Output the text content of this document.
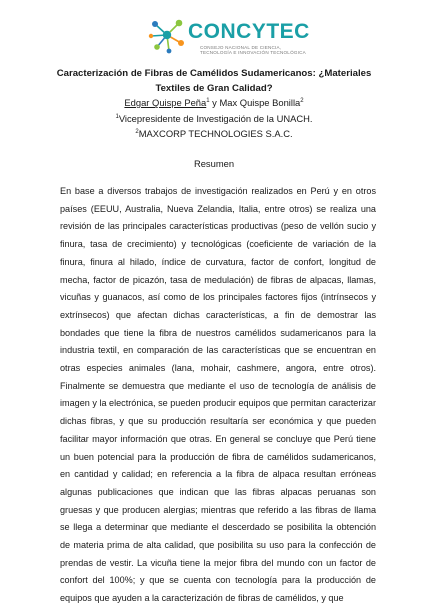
CONCYTEC
CONSEJO NACIONAL DE CIENCIA,
TECNOLOGÍA E INNOVACIÓN TECNOLÓGICA
Caracterización de Fibras de Camélidos Sudamericanos: ¿Materiales Textiles de Gran Calidad?
Edgar Quispe Peña$^1$ y Max Quispe Bonilla$^2$
$^1$Vicepresidente de Investigación de la UNACH.
$^2$MAXCORP TECHNOLOGIES S.A.C.
Resumen
En base a diversos trabajos de investigación realizados en Perú y en otros países (EEUU, Australia, Nueva Zelandia, Italia, entre otros) se realiza una revisión de las principales características productivas (peso de vellón sucio y finura, tasa de crecimiento) y tecnológicas (coeficiente de variación de la finura, finura al hilado, índice de curvatura, factor de confort, longitud de mecha, factor de picazón, tasa de medulación) de fibras de alpacas, llamas, vicuñas y guanacos, así como de los principales factores fijos (intrínsecos y extrínsecos) que afectan dichas características, a fin de demostrar las bondades que tiene la fibra de nuestros camélidos sudamericanos para la industria textil, en comparación de las características que se encuentran en otras especies animales (lana, mohair, cashmere, angora, entre otros). Finalmente se demuestra que mediante el uso de tecnología de análisis de imagen y la electrónica, se pueden producir equipos que permitan caracterizar dichas fibras, y que su producción resultaría ser económica y que pueden facilitar mayor información que otras. En general se concluye que Perú tiene un buen potencial para la producción de fibra de camélidos sudamericanos, en cantidad y calidad; en referencia a la fibra de alpaca resultan erróneas algunas publicaciones que indican que las fibras alpacas peruanas son gruesas y que producen alergias; mientras que referido a las fibras de llama se llega a determinar que mediante el descerdado se posibilita la obtención de materia prima de alta calidad, que posibilita su uso para la confección de prendas de vestir. La vicuña tiene la mejor fibra del mundo con un factor de confort del 100%; y que se cuenta con tecnología para la producción de equipos que ayuden a la caracterización de fibras de camélidos, y que
